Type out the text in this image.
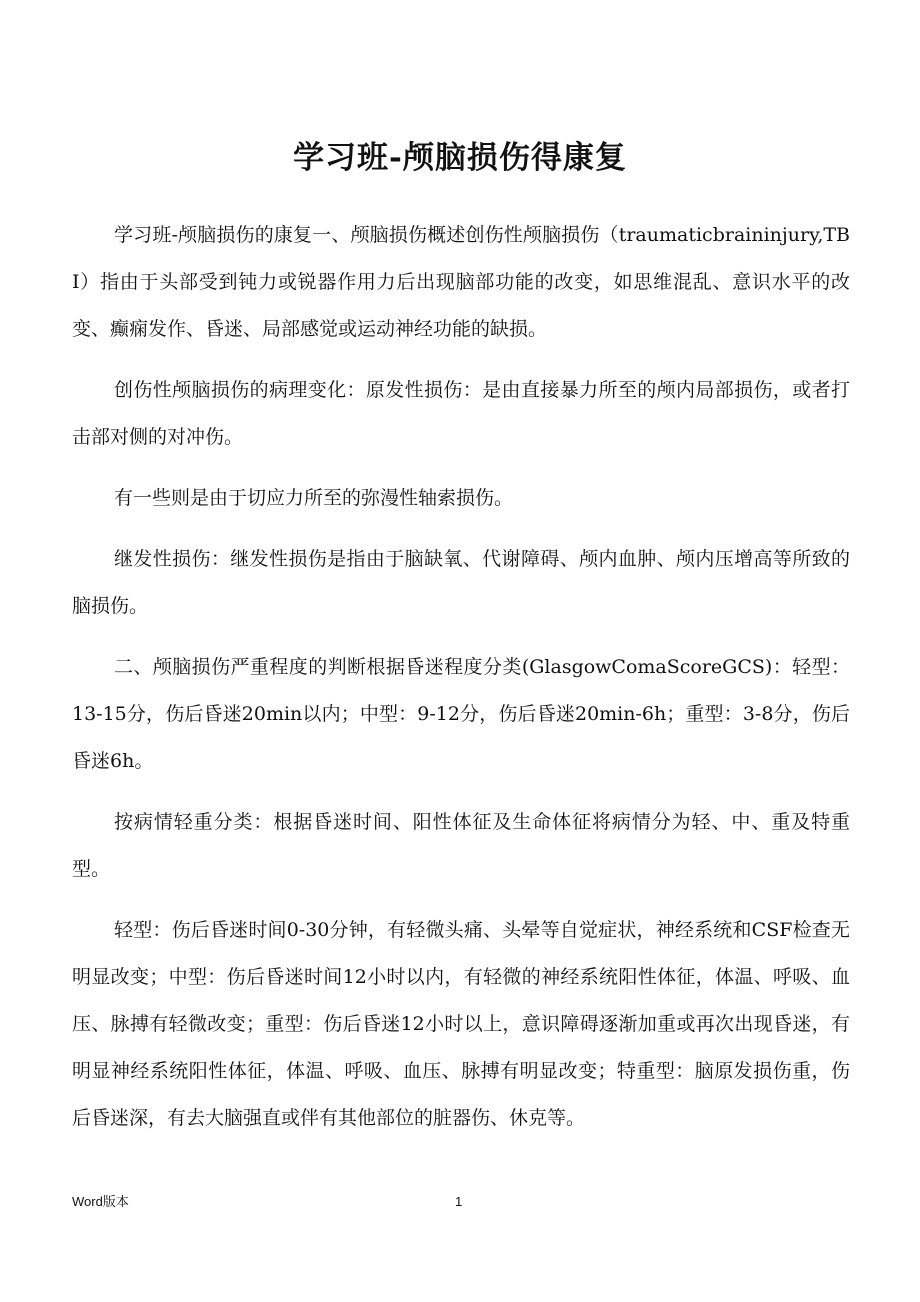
学习班-颅脑损伤得康复

学习班-颅脑损伤的康复一、颅脑损伤概述创伤性颅脑损伤（traumaticbraininjury,TBI）指由于头部受到钝力或锐器作用力后出现脑部功能的改变，如思维混乱、意识水平的改变、癫痫发作、昏迷、局部感觉或运动神经功能的缺损。

创伤性颅脑损伤的病理变化：原发性损伤：是由直接暴力所至的颅内局部损伤，或者打击部对侧的对冲伤。

有一些则是由于切应力所至的弥漫性轴索损伤。

继发性损伤：继发性损伤是指由于脑缺氧、代谢障碍、颅内血肿、颅内压增高等所致的脑损伤。

二、颅脑损伤严重程度的判断根据昏迷程度分类(GlasgowComaScoreGCS)：轻型：13-15分，伤后昏迷20min以内；中型：9-12分，伤后昏迷20min-6h；重型：3-8分，伤后昏迷6h。

按病情轻重分类：根据昏迷时间、阳性体征及生命体征将病情分为轻、中、重及特重型。

轻型：伤后昏迷时间0-30分钟，有轻微头痛、头晕等自觉症状，神经系统和CSF检查无明显改变；中型：伤后昏迷时间12小时以内，有轻微的神经系统阳性体征，体温、呼吸、血压、脉搏有轻微改变；重型：伤后昏迷12小时以上，意识障碍逐渐加重或再次出现昏迷，有明显神经系统阳性体征，体温、呼吸、血压、脉搏有明显改变；特重型：脑原发损伤重，伤后昏迷深，有去大脑强直或伴有其他部位的脏器伤、休克等。

Word版本	1
